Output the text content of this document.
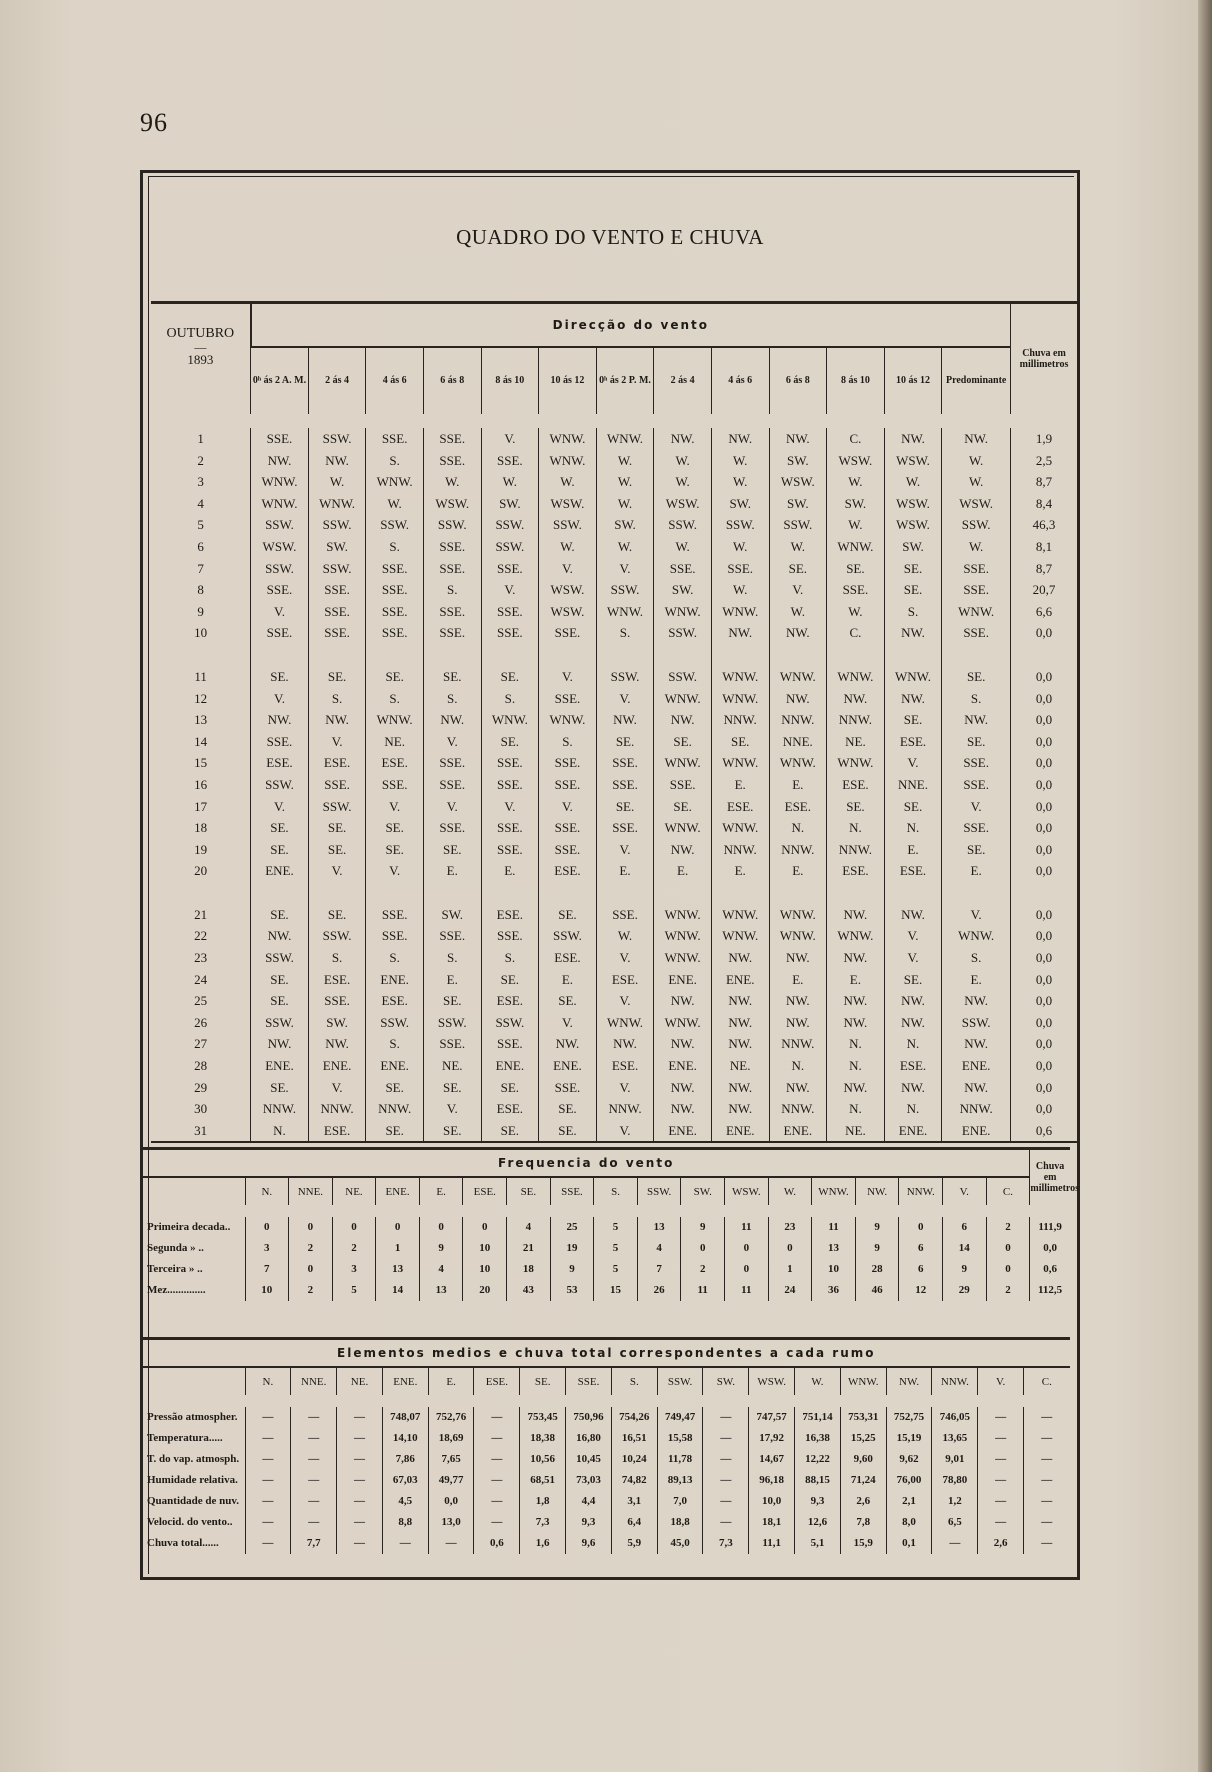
96
QUADRO DO VENTO E CHUVA
OUTUBRO
—
1893	Direcção do vento													Chuva em millimetros
	0ʰ ás 2 A. M.	2 ás 4	4 ás 6	6 ás 8	8 ás 10	10 ás 12	0ʰ ás 2 P. M.	2 ás 4	4 ás 6	6 ás 8	8 ás 10	10 ás 12	Predominante	
1	SSE.	SSW.	SSE.	SSE.	V.	WNW.	WNW.	NW.	NW.	NW.	C.	NW.	NW.	1,9
2	NW.	NW.	S.	SSE.	SSE.	WNW.	W.	W.	W.	SW.	WSW.	WSW.	W.	2,5
3	WNW.	W.	WNW.	W.	W.	W.	W.	W.	W.	WSW.	W.	W.	W.	8,7
4	WNW.	WNW.	W.	WSW.	SW.	WSW.	W.	WSW.	SW.	SW.	SW.	WSW.	WSW.	8,4
5	SSW.	SSW.	SSW.	SSW.	SSW.	SSW.	SW.	SSW.	SSW.	SSW.	W.	WSW.	SSW.	46,3
6	WSW.	SW.	S.	SSE.	SSW.	W.	W.	W.	W.	W.	WNW.	SW.	W.	8,1
7	SSW.	SSW.	SSE.	SSE.	SSE.	V.	V.	SSE.	SSE.	SE.	SE.	SE.	SSE.	8,7
8	SSE.	SSE.	SSE.	S.	V.	WSW.	SSW.	SW.	W.	V.	SSE.	SE.	SSE.	20,7
9	V.	SSE.	SSE.	SSE.	SSE.	WSW.	WNW.	WNW.	WNW.	W.	W.	S.	WNW.	6,6
10	SSE.	SSE.	SSE.	SSE.	SSE.	SSE.	S.	SSW.	NW.	NW.	C.	NW.	SSE.	0,0

11	SE.	SE.	SE.	SE.	SE.	V.	SSW.	SSW.	WNW.	WNW.	WNW.	WNW.	SE.	0,0
12	V.	S.	S.	S.	S.	SSE.	V.	WNW.	WNW.	NW.	NW.	NW.	S.	0,0
13	NW.	NW.	WNW.	NW.	WNW.	WNW.	NW.	NW.	NNW.	NNW.	NNW.	SE.	NW.	0,0
14	SSE.	V.	NE.	V.	SE.	S.	SE.	SE.	SE.	NNE.	NE.	ESE.	SE.	0,0
15	ESE.	ESE.	ESE.	SSE.	SSE.	SSE.	SSE.	WNW.	WNW.	WNW.	WNW.	V.	SSE.	0,0
16	SSW.	SSE.	SSE.	SSE.	SSE.	SSE.	SSE.	SSE.	E.	E.	ESE.	NNE.	SSE.	0,0
17	V.	SSW.	V.	V.	V.	V.	SE.	SE.	ESE.	ESE.	SE.	SE.	V.	0,0
18	SE.	SE.	SE.	SSE.	SSE.	SSE.	SSE.	WNW.	WNW.	N.	N.	N.	SSE.	0,0
19	SE.	SE.	SE.	SE.	SSE.	SSE.	V.	NW.	NNW.	NNW.	NNW.	E.	SE.	0,0
20	ENE.	V.	V.	E.	E.	ESE.	E.	E.	E.	E.	ESE.	ESE.	E.	0,0

21	SE.	SE.	SSE.	SW.	ESE.	SE.	SSE.	WNW.	WNW.	WNW.	NW.	NW.	V.	0,0
22	NW.	SSW.	SSE.	SSE.	SSE.	SSW.	W.	WNW.	WNW.	WNW.	WNW.	V.	WNW.	0,0
23	SSW.	S.	S.	S.	S.	ESE.	V.	WNW.	NW.	NW.	NW.	V.	S.	0,0
24	SE.	ESE.	ENE.	E.	SE.	E.	ESE.	ENE.	ENE.	E.	E.	SE.	E.	0,0
25	SE.	SSE.	ESE.	SE.	ESE.	SE.	V.	NW.	NW.	NW.	NW.	NW.	NW.	0,0
26	SSW.	SW.	SSW.	SSW.	SSW.	V.	WNW.	WNW.	NW.	NW.	NW.	NW.	SSW.	0,0
27	NW.	NW.	S.	SSE.	SSE.	NW.	NW.	NW.	NW.	NNW.	N.	N.	NW.	0,0
28	ENE.	ENE.	ENE.	NE.	ENE.	ENE.	ESE.	ENE.	NE.	N.	N.	ESE.	ENE.	0,0
29	SE.	V.	SE.	SE.	SE.	SSE.	V.	NW.	NW.	NW.	NW.	NW.	NW.	0,0
30	NNW.	NNW.	NNW.	V.	ESE.	SE.	NNW.	NW.	NW.	NNW.	N.	N.	NNW.	0,0
31	N.	ESE.	SE.	SE.	SE.	SE.	V.	ENE.	ENE.	ENE.	NE.	ENE.	ENE.	0,6
Frequencia do vento																			Chuva em millimetros
	N.	NNE.	NE.	ENE.	E.	ESE.	SE.	SSE.	S.	SSW.	SW.	WSW.	W.	WNW.	NW.	NNW.	V.	C.	
Primeira decada..	0	0	0	0	0	0	4	25	5	13	9	11	23	11	9	0	6	2	111,9
Segunda » ..	3	2	2	1	9	10	21	19	5	4	0	0	0	13	9	6	14	0	0,0
Terceira » ..	7	0	3	13	4	10	18	9	5	7	2	0	1	10	28	6	9	0	0,6
Mez..............	10	2	5	14	13	20	43	53	15	26	11	11	24	36	46	12	29	2	112,5
Elementos medios e chuva total correspondentes a cada rumo																		
	N.	NNE.	NE.	ENE.	E.	ESE.	SE.	SSE.	S.	SSW.	SW.	WSW.	W.	WNW.	NW.	NNW.	V.	C.
Pressão atmospher.	—	—	—	748,07	752,76	—	753,45	750,96	754,26	749,47	—	747,57	751,14	753,31	752,75	746,05	—	—
Temperatura.....	—	—	—	14,10	18,69	—	18,38	16,80	16,51	15,58	—	17,92	16,38	15,25	15,19	13,65	—	—
T. do vap. atmosph.	—	—	—	7,86	7,65	—	10,56	10,45	10,24	11,78	—	14,67	12,22	9,60	9,62	9,01	—	—
Humidade relativa.	—	—	—	67,03	49,77	—	68,51	73,03	74,82	89,13	—	96,18	88,15	71,24	76,00	78,80	—	—
Quantidade de nuv.	—	—	—	4,5	0,0	—	1,8	4,4	3,1	7,0	—	10,0	9,3	2,6	2,1	1,2	—	—
Velocid. do vento..	—	—	—	8,8	13,0	—	7,3	9,3	6,4	18,8	—	18,1	12,6	7,8	8,0	6,5	—	—
Chuva total......	—	7,7	—	—	—	0,6	1,6	9,6	5,9	45,0	7,3	11,1	5,1	15,9	0,1	—	2,6	—
